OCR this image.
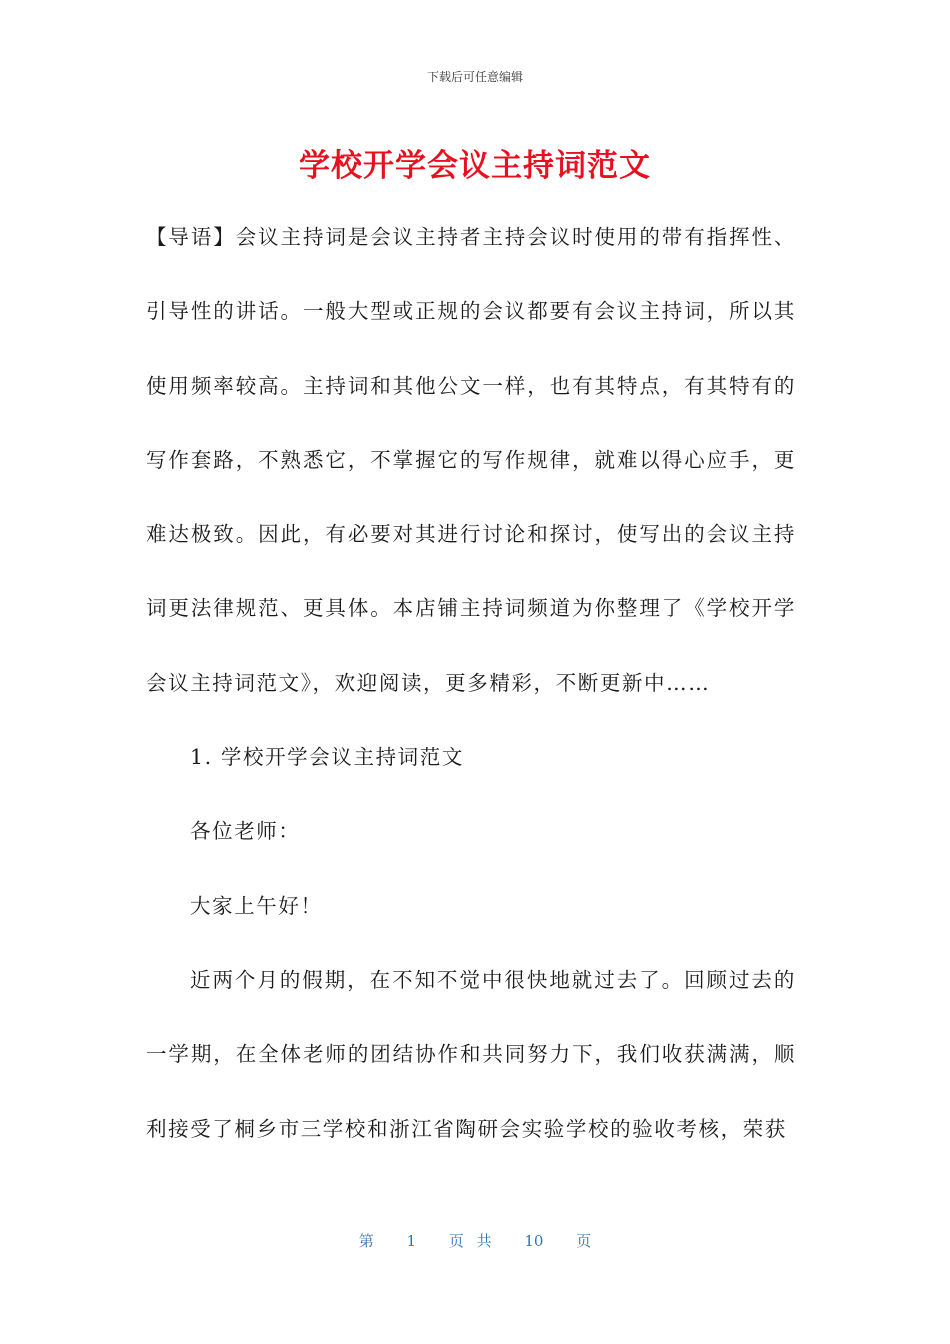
下载后可任意编辑
学校开学会议主持词范文

【导语】会议主持词是会议主持者主持会议时使用的带有指挥性、引导性的讲话。一般大型或正规的会议都要有会议主持词，所以其使用频率较高。主持词和其他公文一样，也有其特点，有其特有的写作套路，不熟悉它，不掌握它的写作规律，就难以得心应手，更难达极致。因此，有必要对其进行讨论和探讨，使写出的会议主持词更法律规范、更具体。本店铺主持词频道为你整理了《学校开学会议主持词范文》，欢迎阅读，更多精彩，不断更新中……

1. 学校开学会议主持词范文

各位老师：

大家上午好！

近两个月的假期，在不知不觉中很快地就过去了。回顾过去的一学期，在全体老师的团结协作和共同努力下，我们收获满满，顺利接受了桐乡市三学校和浙江省陶研会实验学校的验收考核，荣获

第 1 页 共 10 页
